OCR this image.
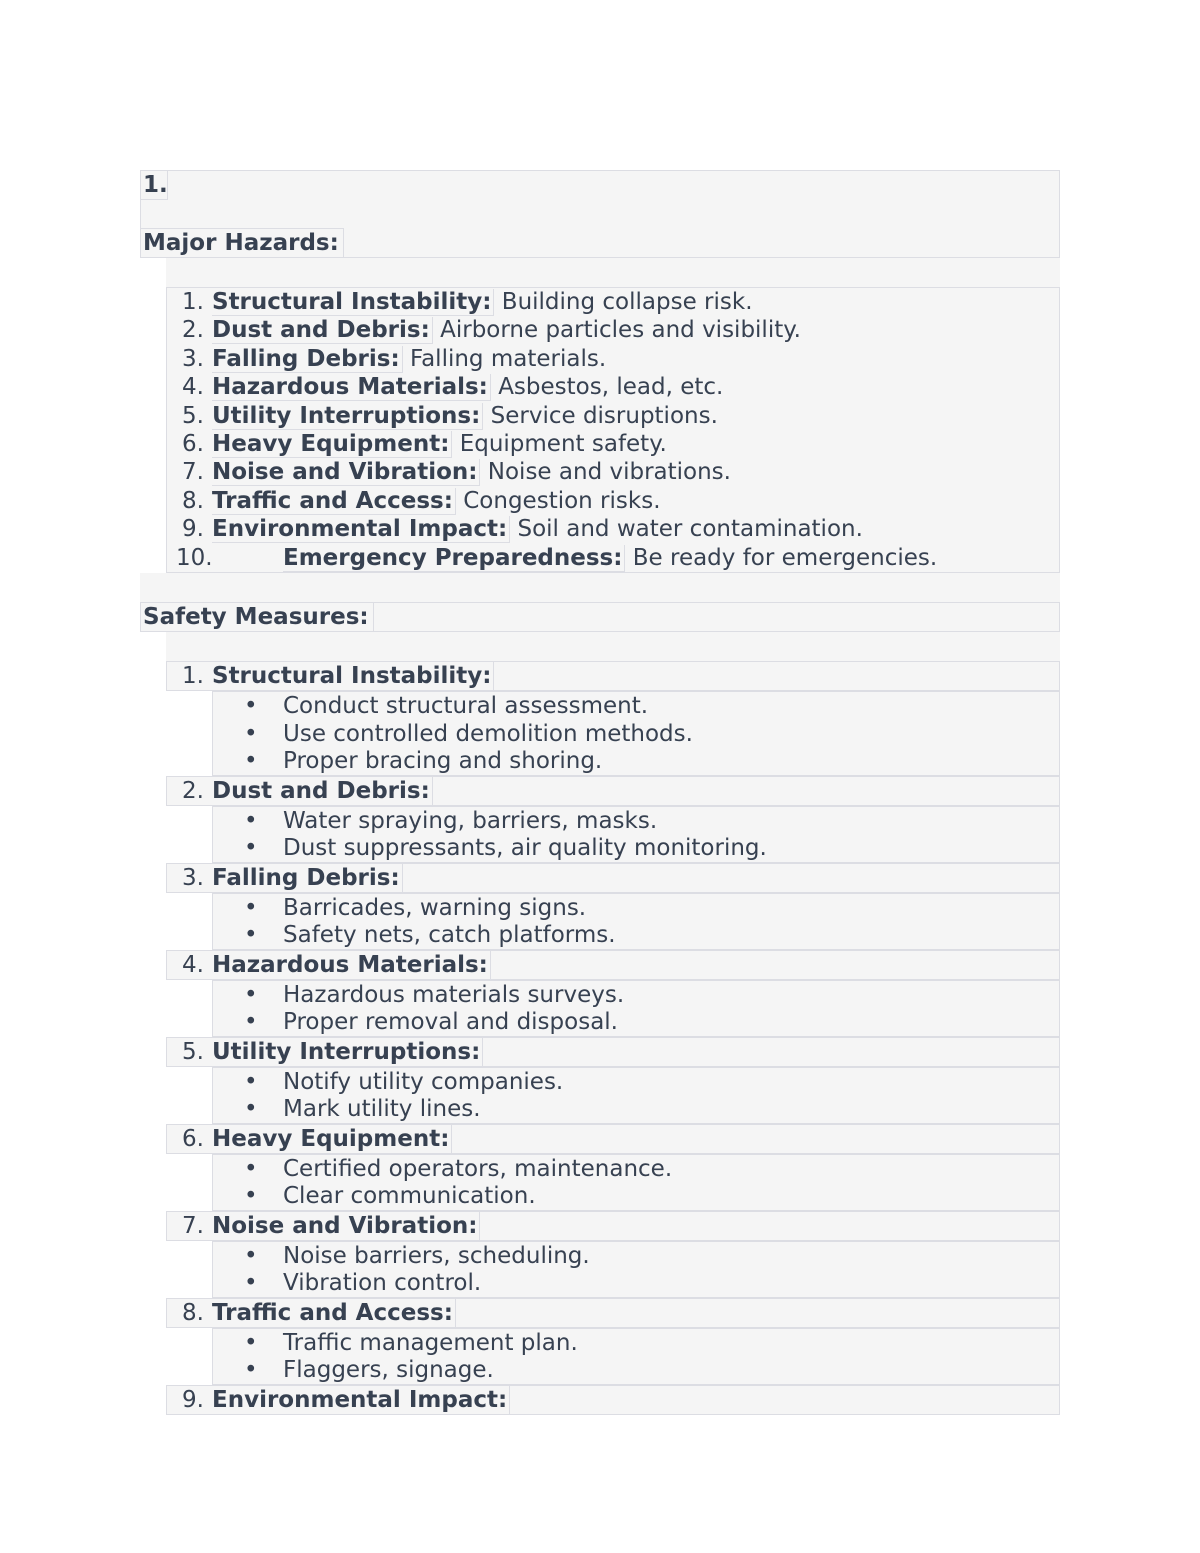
1.
Major Hazards:
1. Structural Instability: Building collapse risk.
2. Dust and Debris: Airborne particles and visibility.
3. Falling Debris: Falling materials.
4. Hazardous Materials: Asbestos, lead, etc.
5. Utility Interruptions: Service disruptions.
6. Heavy Equipment: Equipment safety.
7. Noise and Vibration: Noise and vibrations.
8. Traffic and Access: Congestion risks.
9. Environmental Impact: Soil and water contamination.
10.	Emergency Preparedness: Be ready for emergencies.
Safety Measures:
1. Structural Instability:
• Conduct structural assessment.
• Use controlled demolition methods.
• Proper bracing and shoring.
2. Dust and Debris:
• Water spraying, barriers, masks.
• Dust suppressants, air quality monitoring.
3. Falling Debris:
• Barricades, warning signs.
• Safety nets, catch platforms.
4. Hazardous Materials:
• Hazardous materials surveys.
• Proper removal and disposal.
5. Utility Interruptions:
• Notify utility companies.
• Mark utility lines.
6. Heavy Equipment:
• Certified operators, maintenance.
• Clear communication.
7. Noise and Vibration:
• Noise barriers, scheduling.
• Vibration control.
8. Traffic and Access:
• Traffic management plan.
• Flaggers, signage.
9. Environmental Impact:
